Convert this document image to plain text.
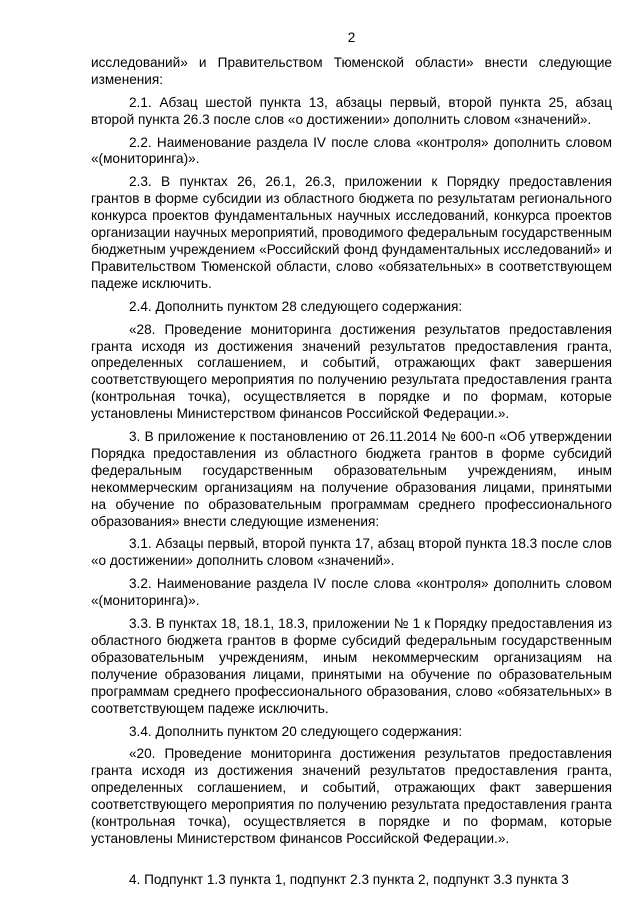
2

исследований» и Правительством Тюменской области» внести следующие изменения:

2.1. Абзац шестой пункта 13, абзацы первый, второй пункта 25, абзац второй пункта 26.3 после слов «о достижении» дополнить словом «значений».

2.2. Наименование раздела IV после слова «контроля» дополнить словом «(мониторинга)».

2.3. В пунктах 26, 26.1, 26.3, приложении к Порядку предоставления грантов в форме субсидии из областного бюджета по результатам регионального конкурса проектов фундаментальных научных исследований, конкурса проектов организации научных мероприятий, проводимого федеральным государственным бюджетным учреждением «Российский фонд фундаментальных исследований» и Правительством Тюменской области, слово «обязательных» в соответствующем падеже исключить.

2.4. Дополнить пунктом 28 следующего содержания:

«28. Проведение мониторинга достижения результатов предоставления гранта исходя из достижения значений результатов предоставления гранта, определенных соглашением, и событий, отражающих факт завершения соответствующего мероприятия по получению результата предоставления гранта (контрольная точка), осуществляется в порядке и по формам, которые установлены Министерством финансов Российской Федерации.».

3. В приложение к постановлению от 26.11.2014 № 600-п «Об утверждении Порядка предоставления из областного бюджета грантов в форме субсидий федеральным государственным образовательным учреждениям, иным некоммерческим организациям на получение образования лицами, принятыми на обучение по образовательным программам среднего профессионального образования» внести следующие изменения:

3.1. Абзацы первый, второй пункта 17, абзац второй пункта 18.3 после слов «о достижении» дополнить словом «значений».

3.2. Наименование раздела IV после слова «контроля» дополнить словом «(мониторинга)».

3.3. В пунктах 18, 18.1, 18.3, приложении № 1 к Порядку предоставления из областного бюджета грантов в форме субсидий федеральным государственным образовательным учреждениям, иным некоммерческим организациям на получение образования лицами, принятыми на обучение по образовательным программам среднего профессионального образования, слово «обязательных» в соответствующем падеже исключить.

3.4. Дополнить пунктом 20 следующего содержания:

«20. Проведение мониторинга достижения результатов предоставления гранта исходя из достижения значений результатов предоставления гранта, определенных соглашением, и событий, отражающих факт завершения соответствующего мероприятия по получению результата предоставления гранта (контрольная точка), осуществляется в порядке и по формам, которые установлены Министерством финансов Российской Федерации.».

4. Подпункт 1.3 пункта 1, подпункт 2.3 пункта 2, подпункт 3.3 пункта 3
